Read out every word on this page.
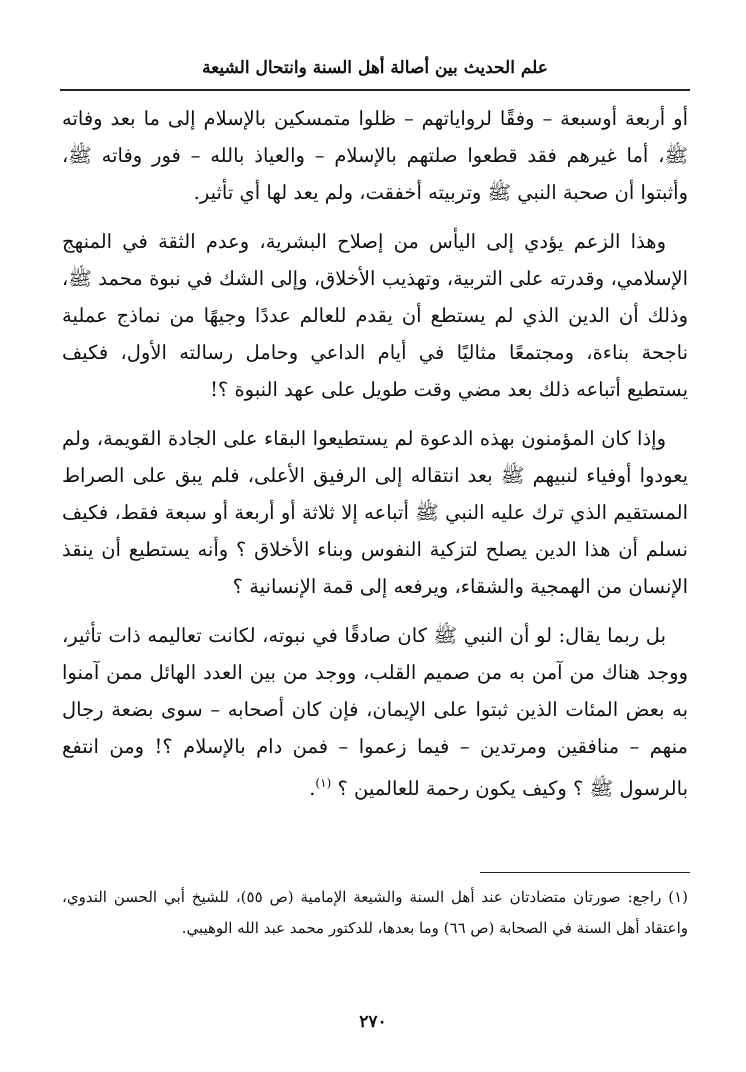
علم الحديث بين أصالة أهل السنة وانتحال الشيعة

أو أربعة أوسبعة – وفقًا لرواياتهم – ظلوا متمسكين بالإسلام إلى ما بعد وفاته ﷺ، أما غيرهم فقد قطعوا صلتهم بالإسلام – والعياذ بالله – فور وفاته ﷺ، وأثبتوا أن صحبة النبي ﷺ وتربيته أخفقت، ولم يعد لها أي تأثير.

وهذا الزعم يؤدي إلى اليأس من إصلاح البشرية، وعدم الثقة في المنهج الإسلامي، وقدرته على التربية، وتهذيب الأخلاق، وإلى الشك في نبوة محمد ﷺ، وذلك أن الدين الذي لم يستطع أن يقدم للعالم عددًا وجيهًا من نماذج عملية ناجحة بناءة، ومجتمعًا مثاليًا في أيام الداعي وحامل رسالته الأول، فكيف يستطيع أتباعه ذلك بعد مضي وقت طويل على عهد النبوة ؟!

وإذا كان المؤمنون بهذه الدعوة لم يستطيعوا البقاء على الجادة القويمة، ولم يعودوا أوفياء لنبيهم ﷺ بعد انتقاله إلى الرفيق الأعلى، فلم يبق على الصراط المستقيم الذي ترك عليه النبي ﷺ أتباعه إلا ثلاثة أو أربعة أو سبعة فقط، فكيف نسلم أن هذا الدين يصلح لتزكية النفوس وبناء الأخلاق ؟ وأنه يستطيع أن ينقذ الإنسان من الهمجية والشقاء، ويرفعه إلى قمة الإنسانية ؟

بل ربما يقال: لو أن النبي ﷺ كان صادقًا في نبوته، لكانت تعاليمه ذات تأثير، ووجد هناك من آمن به من صميم القلب، ووجد من بين العدد الهائل ممن آمنوا به بعض المئات الذين ثبتوا على الإيمان، فإن كان أصحابه – سوى بضعة رجال منهم – منافقين ومرتدين – فيما زعموا – فمن دام بالإسلام ؟! ومن انتفع بالرسول ﷺ ؟ وكيف يكون رحمة للعالمين ؟ $^{(١)}$.

(١) راجع: صورتان متضادتان عند أهل السنة والشيعة الإمامية (ص ٥٥)، للشيخ أبي الحسن الندوي، واعتقاد أهل السنة في الصحابة (ص ٦٦) وما بعدها، للدكتور محمد عبد الله الوهيبي.

٢٧٠
